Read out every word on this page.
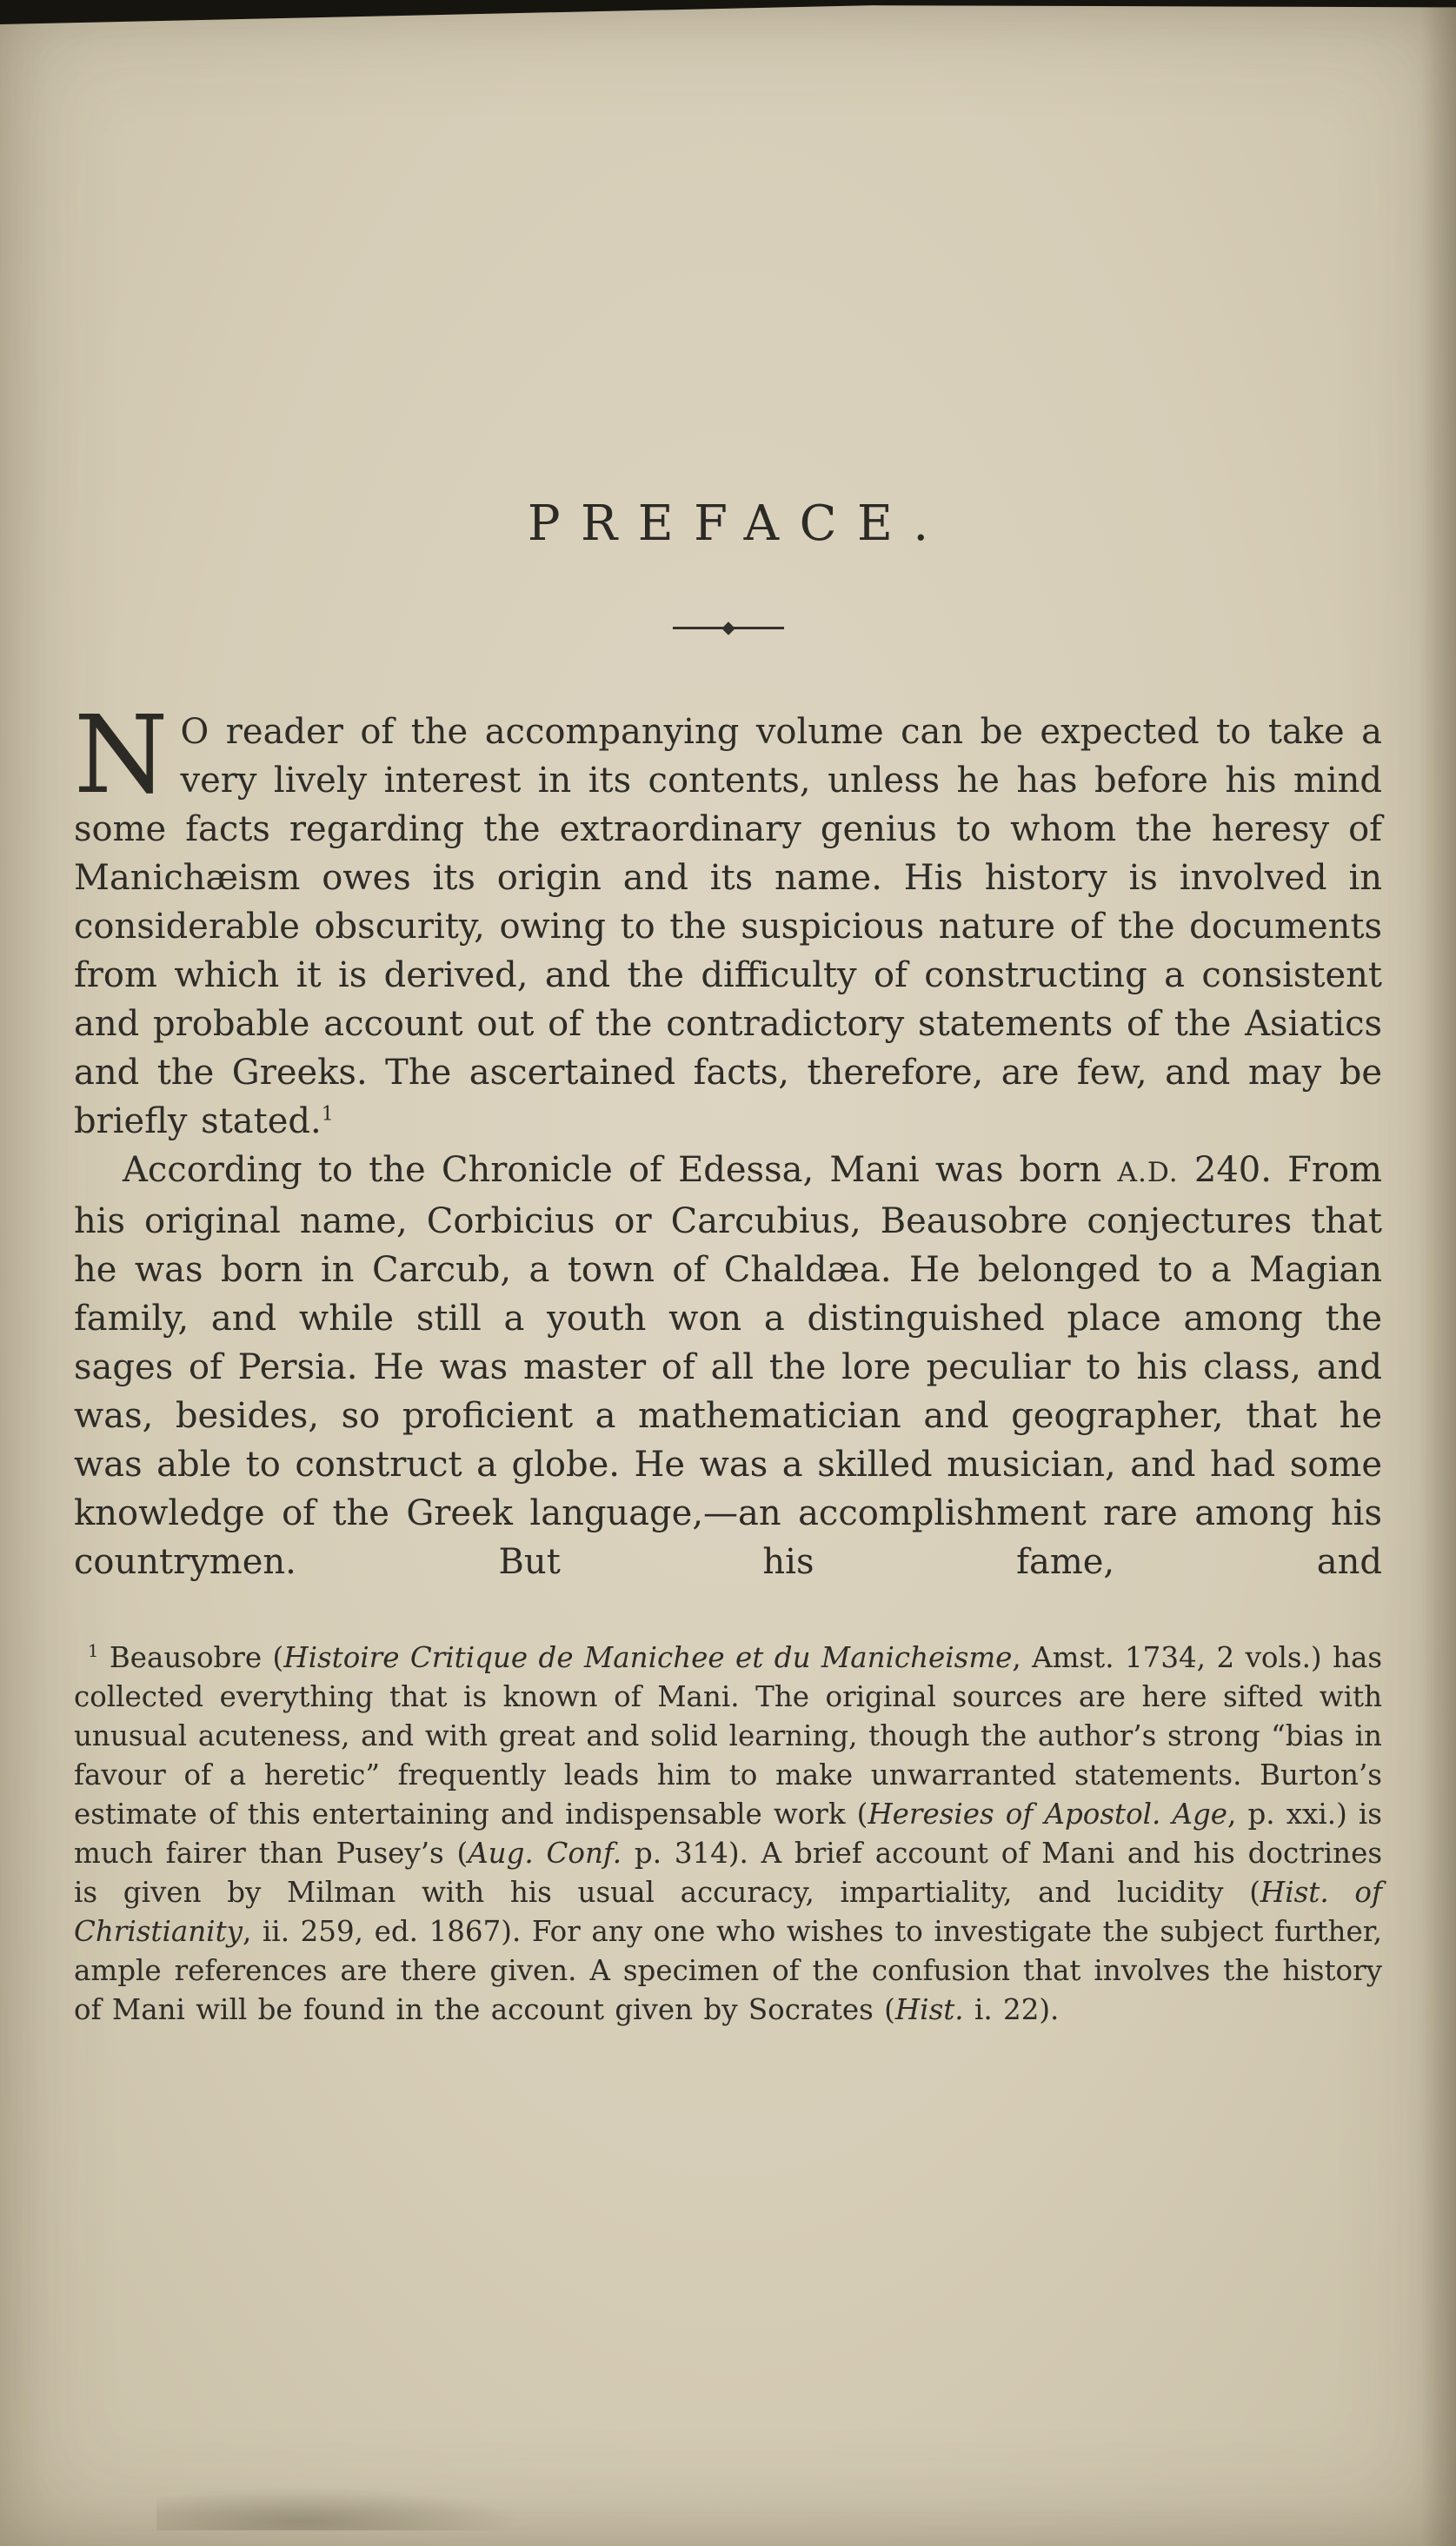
PREFACE.

N O reader of the accompanying volume can be expected to take a very lively interest in its contents, unless he has before his mind some facts regarding the extraordinary genius to whom the heresy of Manichæism owes its origin and its name. His history is involved in considerable obscurity, owing to the suspicious nature of the documents from which it is derived, and the difficulty of constructing a consistent and probable account out of the contradictory statements of the Asiatics and the Greeks. The ascertained facts, therefore, are few, and may be briefly stated.$^1$

According to the Chronicle of Edessa, Mani was born A.D. 240. From his original name, Corbicius or Carcubius, Beausobre conjectures that he was born in Carcub, a town of Chaldæa. He belonged to a Magian family, and while still a youth won a distinguished place among the sages of Persia. He was master of all the lore peculiar to his class, and was, besides, so proficient a mathematician and geographer, that he was able to construct a globe. He was a skilled musician, and had some knowledge of the Greek language,—an accomplishment rare among his countrymen. But his fame, and

$^1$ Beausobre (Histoire Critique de Manichee et du Manicheisme, Amst. 1734, 2 vols.) has collected everything that is known of Mani. The original sources are here sifted with unusual acuteness, and with great and solid learning, though the author’s strong “bias in favour of a heretic” frequently leads him to make unwarranted statements. Burton’s estimate of this entertaining and indispensable work (Heresies of Apostol. Age, p. xxi.) is much fairer than Pusey’s (Aug. Conf. p. 314). A brief account of Mani and his doctrines is given by Milman with his usual accuracy, impartiality, and lucidity (Hist. of Christianity, ii. 259, ed. 1867). For any one who wishes to investigate the subject further, ample references are there given. A specimen of the confusion that involves the history of Mani will be found in the account given by Socrates (Hist. i. 22).
